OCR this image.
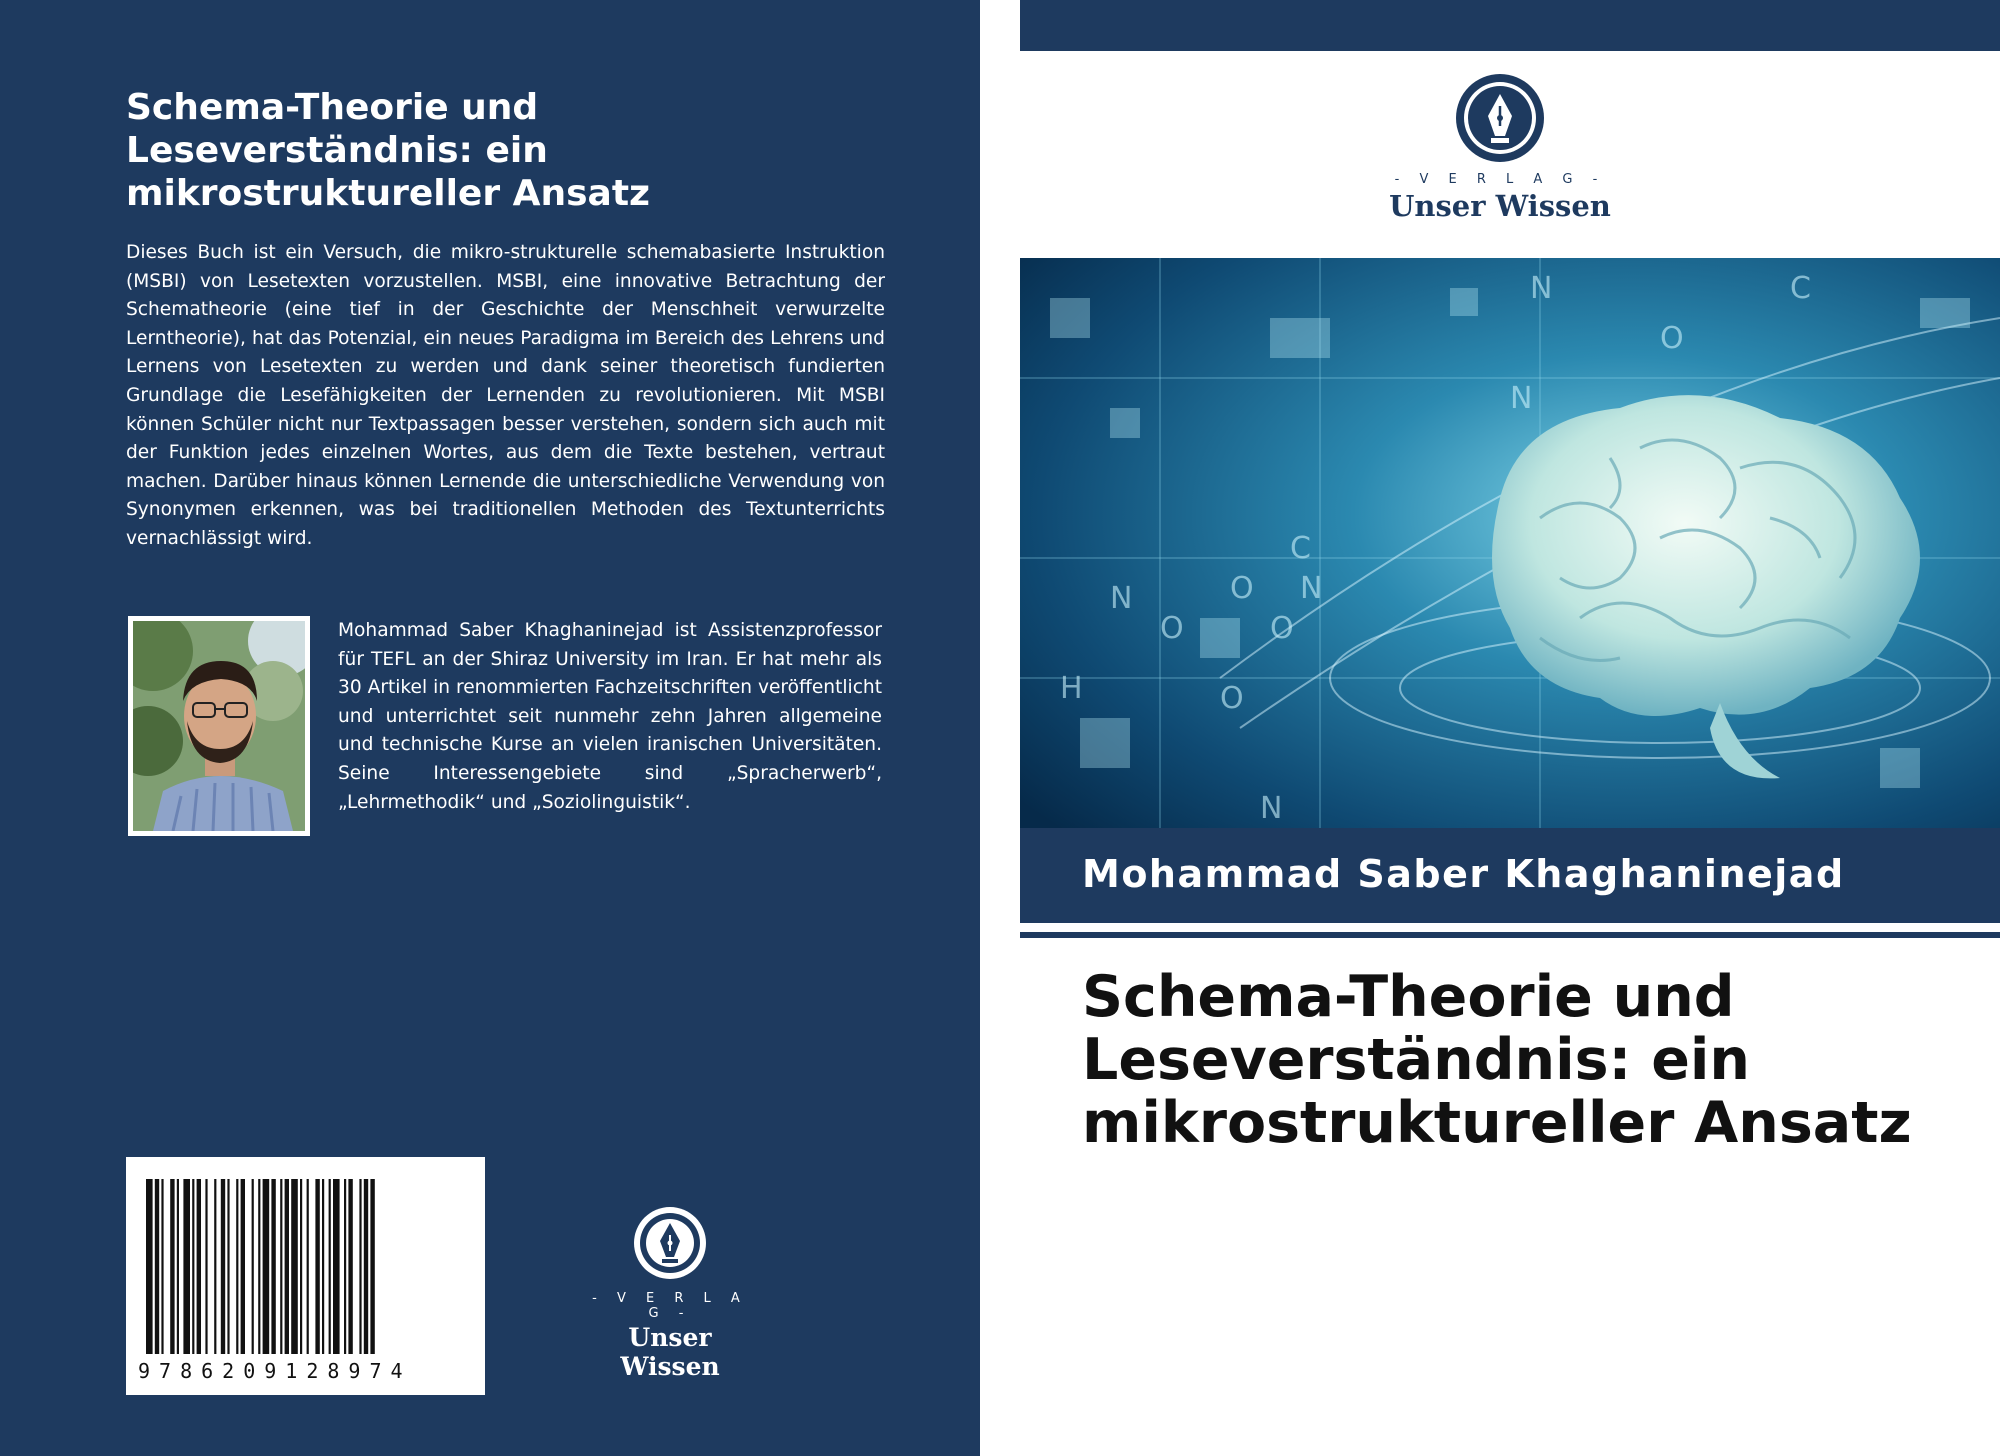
Schema-Theorie und
Leseverständnis: ein
mikrostruktureller Ansatz

Dieses Buch ist ein Versuch, die mikro-strukturelle schemabasierte Instruktion (MSBI) von Lesetexten vorzustellen. MSBI, eine innovative Betrachtung der Schematheorie (eine tief in der Geschichte der Menschheit verwurzelte Lerntheorie), hat das Potenzial, ein neues Paradigma im Bereich des Lehrens und Lernens von Lesetexten zu werden und dank seiner theoretisch fundierten Grundlage die Lesefähigkeiten der Lernenden zu revolutionieren. Mit MSBI können Schüler nicht nur Textpassagen besser verstehen, sondern sich auch mit der Funktion jedes einzelnen Wortes, aus dem die Texte bestehen, vertraut machen. Darüber hinaus können Lernende die unterschiedliche Verwendung von Synonymen erkennen, was bei traditionellen Methoden des Textunterrichts vernachlässigt wird.

Mohammad Saber Khaghaninejad ist Assistenzprofessor für TEFL an der Shiraz University im Iran. Er hat mehr als 30 Artikel in renommierten Fachzeitschriften veröffentlicht und unterrichtet seit nunmehr zehn Jahren allgemeine und technische Kurse an vielen iranischen Universitäten. Seine Interessengebiete sind „Spracherwerb“, „Lehrmethodik“ und „Soziolinguistik“.

9786209128974
- V E R L A G -
Unser Wissen
- V E R L A G -
Unser Wissen
N
N
C
O N
N
O	O
H	O
N
C
O
Mohammad Saber Khaghaninejad
Schema-Theorie und
Leseverständnis: ein
mikrostruktureller Ansatz
